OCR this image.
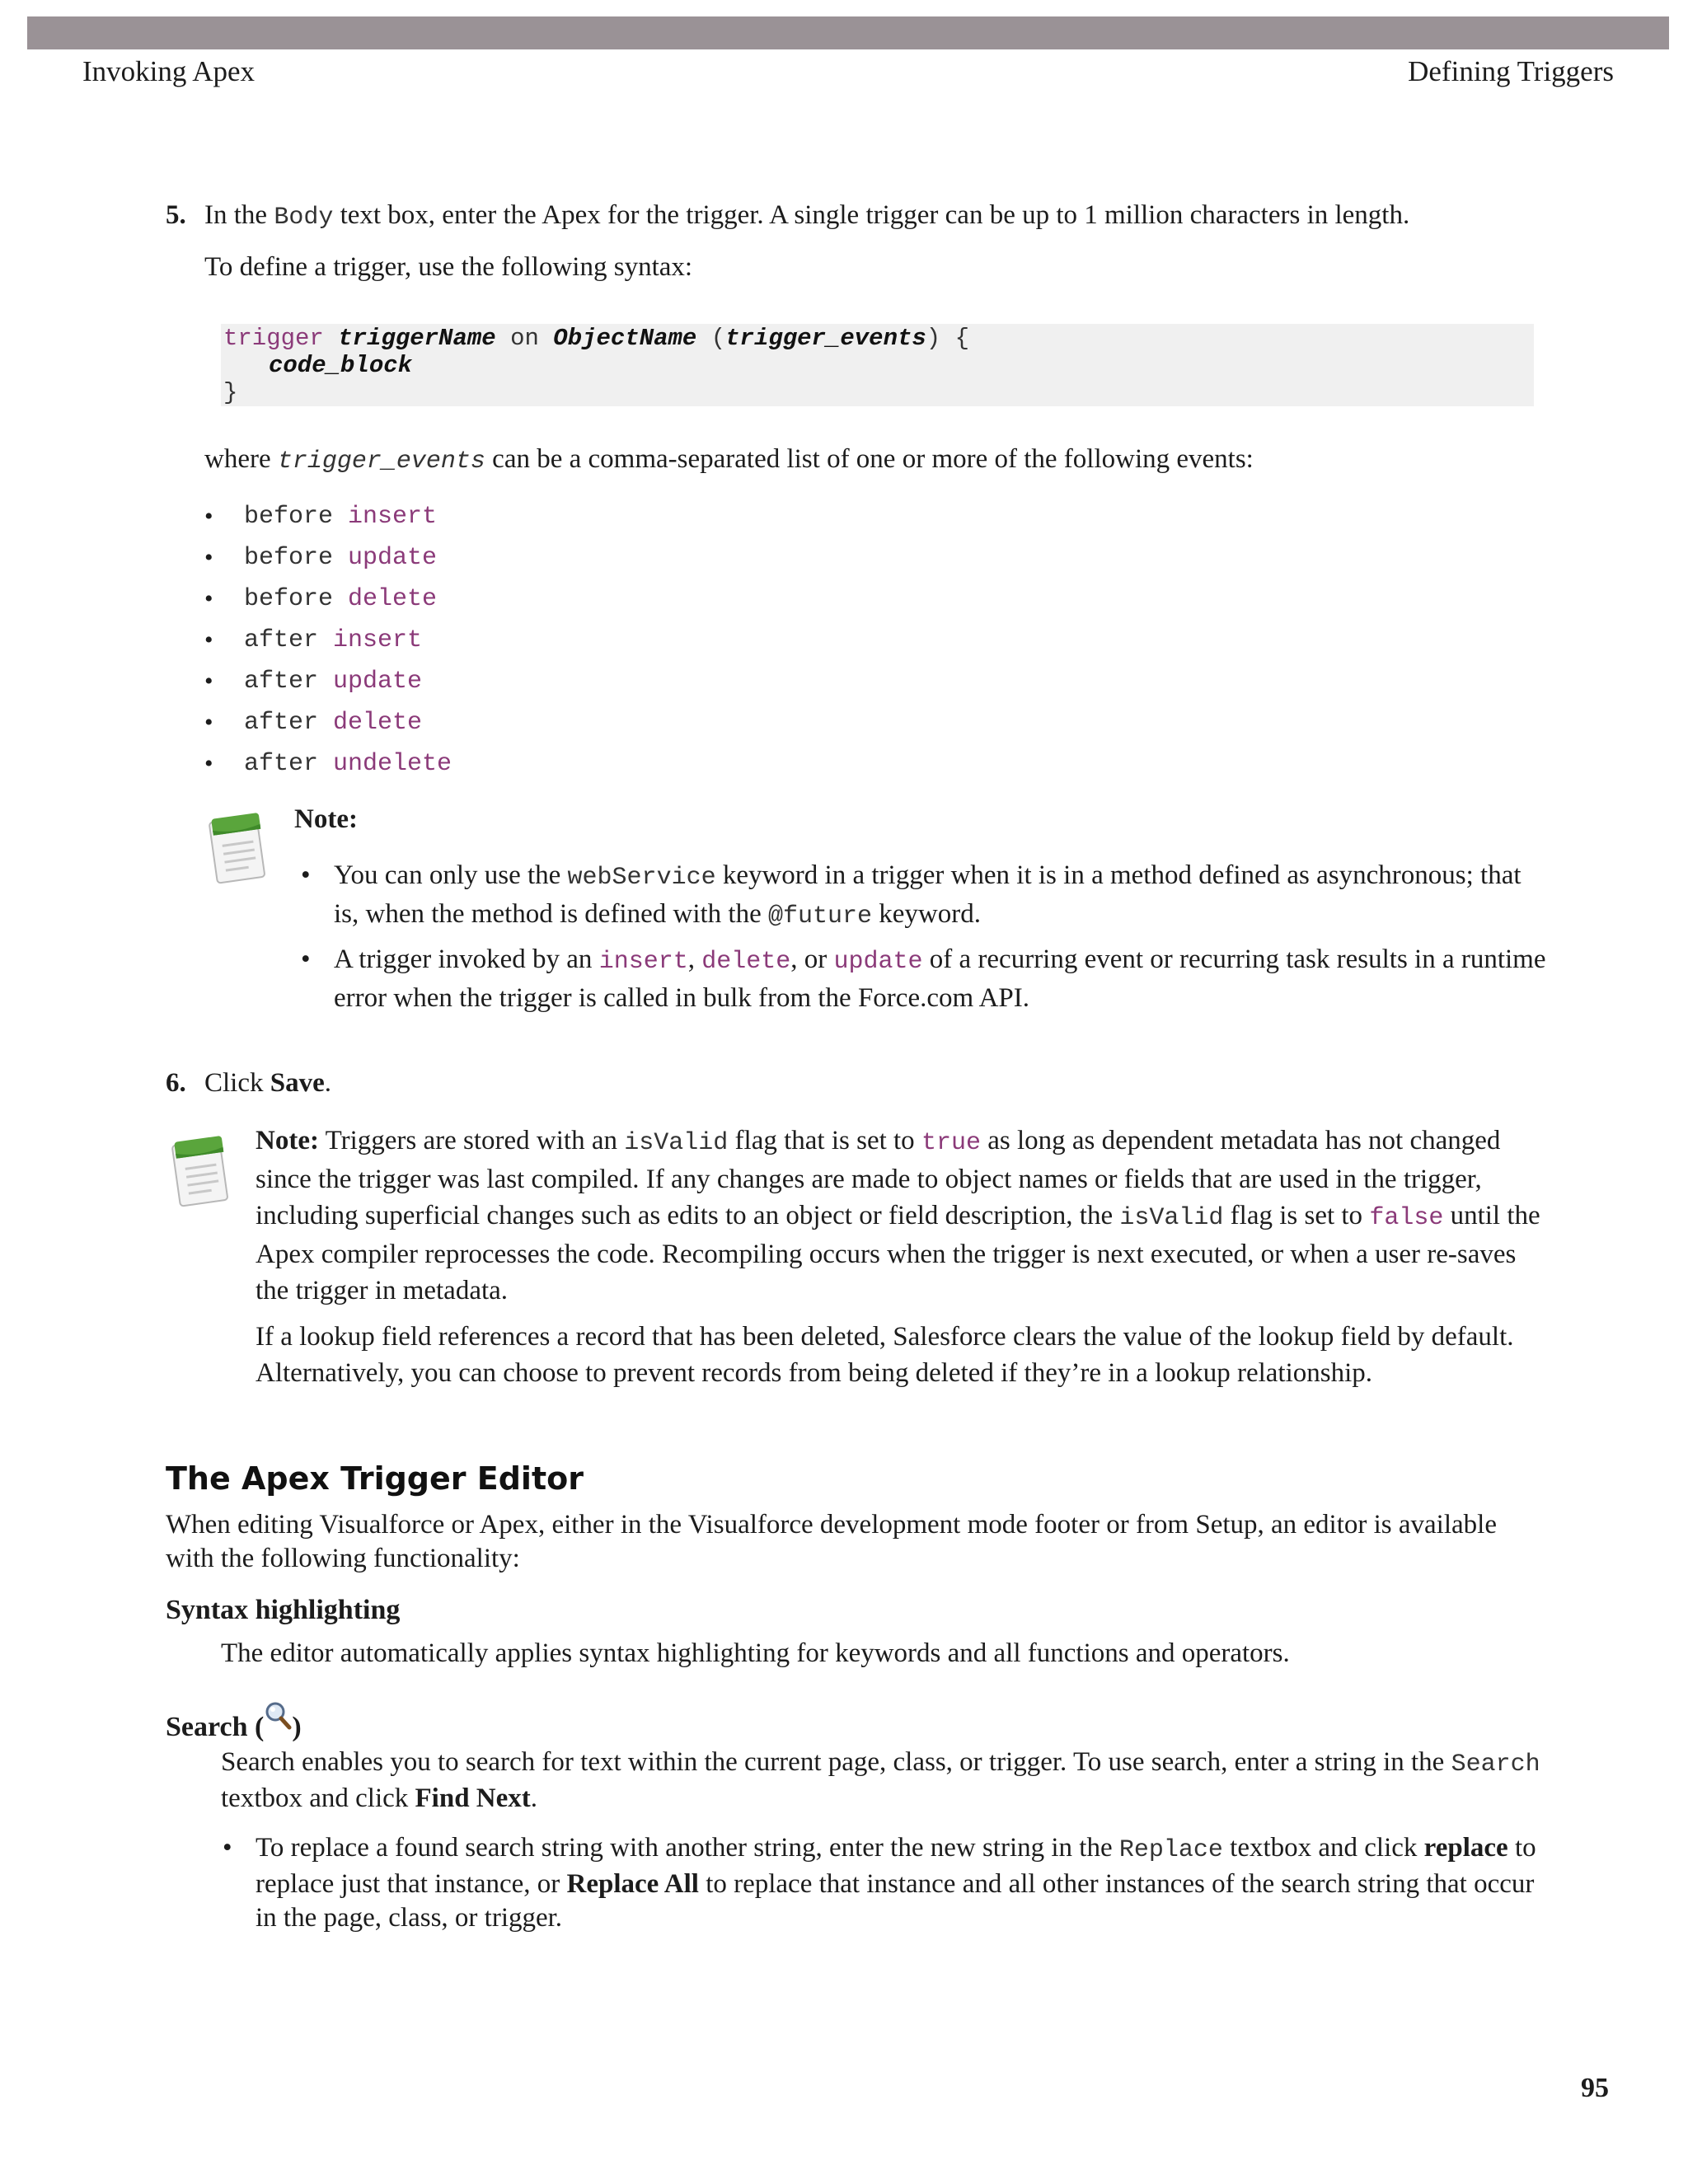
Invoking Apex	Defining Triggers
5. In the Body text box, enter the Apex for the trigger. A single trigger can be up to 1 million characters in length.
To define a trigger, use the following syntax:
trigger triggerName on ObjectName (trigger_events) {
code_block
}
where trigger_events can be a comma-separated list of one or more of the following events:
• before insert
• before update
• before delete
• after insert
• after update
• after delete
• after undelete
Note:
• You can only use the webService keyword in a trigger when it is in a method defined as asynchronous; that is, when the method is defined with the @future keyword.
• A trigger invoked by an insert, delete, or update of a recurring event or recurring task results in a runtime error when the trigger is called in bulk from the Force.com API.
6. Click Save.
Note: Triggers are stored with an isValid flag that is set to true as long as dependent metadata has not changed since the trigger was last compiled. If any changes are made to object names or fields that are used in the trigger, including superficial changes such as edits to an object or field description, the isValid flag is set to false until the Apex compiler reprocesses the code. Recompiling occurs when the trigger is next executed, or when a user re-saves the trigger in metadata.
If a lookup field references a record that has been deleted, Salesforce clears the value of the lookup field by default. Alternatively, you can choose to prevent records from being deleted if they’re in a lookup relationship.
The Apex Trigger Editor
When editing Visualforce or Apex, either in the Visualforce development mode footer or from Setup, an editor is available with the following functionality:
Syntax highlighting
The editor automatically applies syntax highlighting for keywords and all functions and operators.
Search ( )
Search enables you to search for text within the current page, class, or trigger. To use search, enter a string in the Search textbox and click Find Next.
• To replace a found search string with another string, enter the new string in the Replace textbox and click replace to replace just that instance, or Replace All to replace that instance and all other instances of the search string that occur in the page, class, or trigger.
95
